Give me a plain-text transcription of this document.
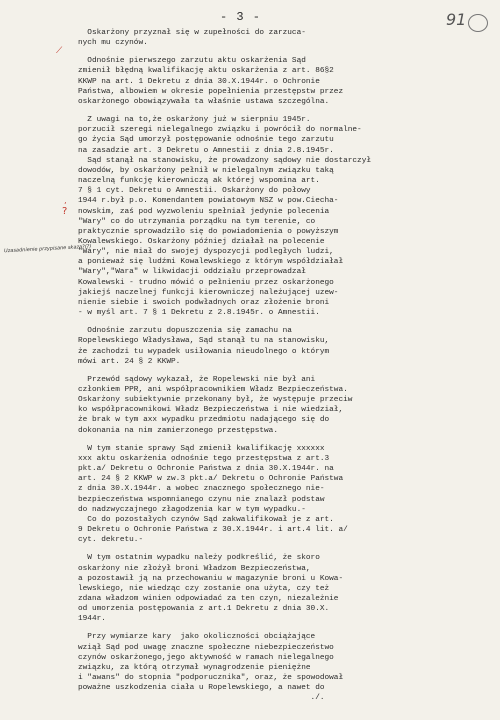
- 3 -	91
Uzasadnienie przypisane skaza?(?)
⟋
‚
?
Oskarżony przyznał się w zupełności do zarzuca-
nych mu czynów.
Odnośnie pierwszego zarzutu aktu oskarżenia Sąd
zmienił błędną kwalifikację aktu oskarżenia z art. 86§2
KKWP na art. 1 Dekretu z dnia 30.X.1944r. o Ochronie
Państwa, albowiem w okresie popełnienia przestępstw przez
oskarżonego obowiązywała ta właśnie ustawa szczególna.
Z uwagi na to,że oskarżony już w sierpniu 1945r.
porzucił szeregi nielegalnego związku i powrócił do normalne-
go życia Sąd umorzył postępowanie odnośnie tego zarzutu
na zasadzie art. 3 Dekretu o Amnestii z dnia 2.8.1945r.
Sąd stanął na stanowisku, że prowadzony sądowy nie dostarczył
dowodów, by oskarżony pełnił w nielegalnym związku taką
naczelną funkcję kierowniczą ak której wspomina art.
7 § 1 cyt. Dekretu o Amnestii. Oskarżony do połowy
1944 r.był p.o. Komendantem powiatowym NSZ w pow.Ciecha-
nowskim, zaś pod wyzwoleniu spełniał jedynie polecenia
"Wary" co do utrzymania porządku na tym terenie, co
praktycznie sprowadziło się do powiadomienia o powyższym
Kowalewskiego. Oskarżony później działał na polecenie
"Wary", nie miał do swojej dyspozycji podległych ludzi,
a ponieważ się ludźmi Kowalewskiego z którym współdziałał
"Wary","Wara" w likwidacji oddziału przeprowadzał
Kowalewski - trudno mówić o pełnieniu przez oskarżonego
jakiejś naczelnej funkcji kierowniczej należującej uzew-
nienie siebie i swoich podwładnych oraz złożenie broni
- w myśl art. 7 § 1 Dekretu z 2.8.1945r. o Amnestii.
Odnośnie zarzutu dopuszczenia się zamachu na
Ropelewskiego Władysława, Sąd stanął tu na stanowisku,
że zachodzi tu wypadek usiłowania nieudolnego o którym
mówi art. 24 § 2 KKWP.
Przewód sądowy wykazał, że Ropelewski nie był ani
członkiem PPR, ani współpracownikiem Władz Bezpieczeństwa.
Oskarżony subiektywnie przekonany był, że występuje przeciw
ko współpracownikowi Władz Bezpieczeństwa i nie wiedział,
że brak w tym axx wypadku przedmiotu nadającego się do
dokonania na nim zamierzonego przestępstwa.
W tym stanie sprawy Sąd zmienił kwalifikację xxxxxx
xxx aktu oskarżenia odnośnie tego przestępstwa z art.3
pkt.a/ Dekretu o Ochronie Państwa z dnia 30.X.1944r. na
art. 24 § 2 KKWP w zw.3 pkt.a/ Dekretu o Ochronie Państwa
z dnia 30.X.1944r. a wobec znacznego społecznego nie-
bezpieczeństwa wspomnianego czynu nie znalazł podstaw
do nadzwyczajnego złagodzenia kar w tym wypadku.-
Co do pozostałych czynów Sąd zakwalifikował je z art.
9 Dekretu o Ochronie Państwa z 30.X.1944r. i art.4 lit. a/
cyt. dekretu.-
W tym ostatnim wypadku należy podkreślić, że skoro
oskarżony nie złożył broni Władzom Bezpieczeństwa,
a pozostawił ją na przechowaniu w magazynie broni u Kowa-
lewskiego, nie wiedząc czy zostanie ona użyta, czy też
zdana władzom winien odpowiadać za ten czyn, niezależnie
od umorzenia postępowania z art.1 Dekretu z dnia 30.X.
1944r.
Przy wymiarze kary  jako okoliczności obciążające
wziął Sąd pod uwagę znaczne społeczne niebezpieczeństwo
czynów oskarżonego,jego aktywność w ramach nielegalnego
związku, za którą otrzymał wynagrodzenie pieniężne
i "awans" do stopnia "podporucznika", oraz, że spowodował
poważne uszkodzenia ciała u Ropelewskiego, a nawet do
./.
